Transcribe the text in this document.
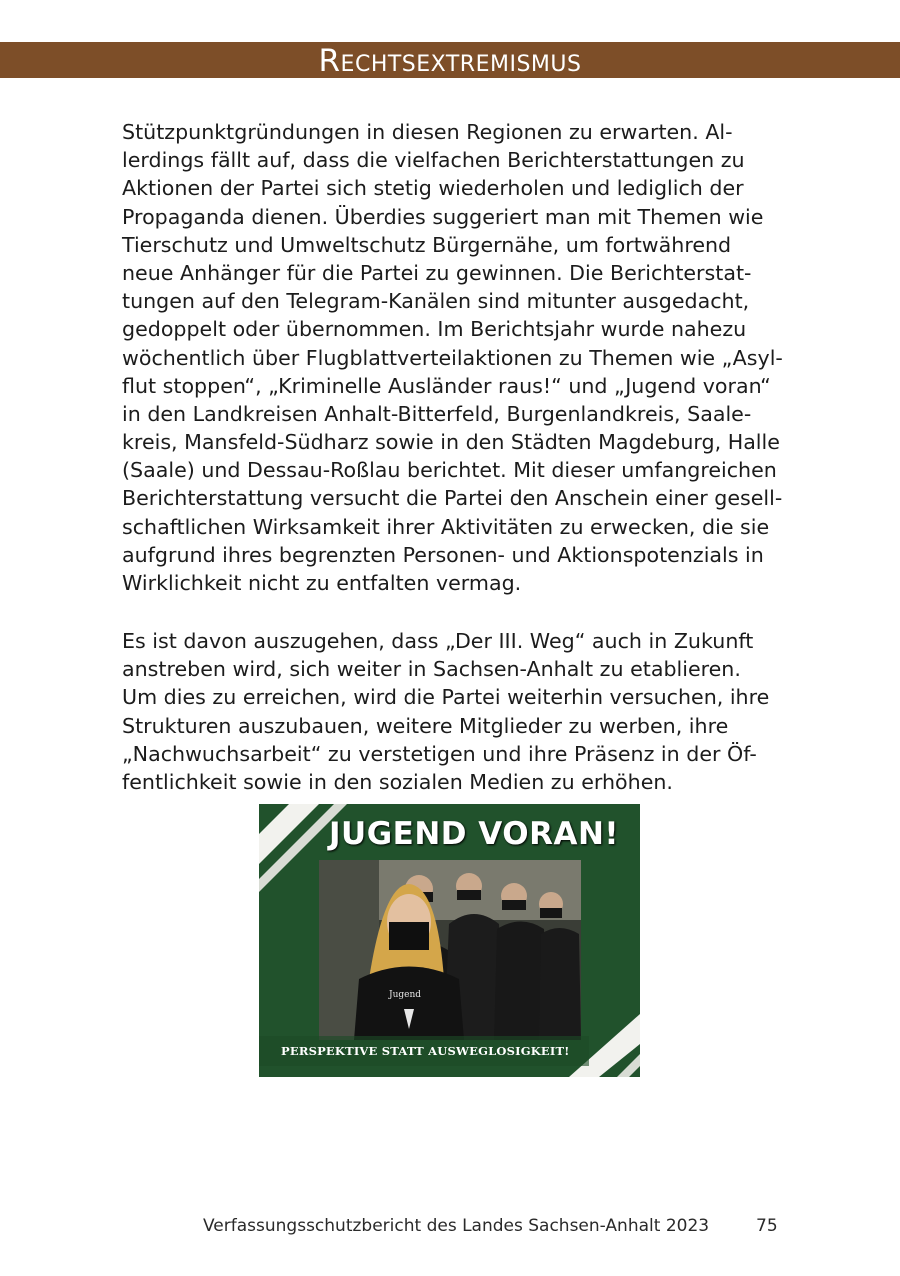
Rechtsextremismus
Stützpunktgründungen in diesen Regionen zu erwarten. Al-
lerdings fällt auf, dass die vielfachen Berichterstattungen zu
Aktionen der Partei sich stetig wiederholen und lediglich der
Propaganda dienen. Überdies suggeriert man mit Themen wie
Tierschutz und Umweltschutz Bürgernähe, um fortwährend
neue Anhänger für die Partei zu gewinnen. Die Berichterstat-
tungen auf den Telegram-Kanälen sind mitunter ausgedacht,
gedoppelt oder übernommen. Im Berichtsjahr wurde nahezu
wöchentlich über Flugblattverteilaktionen zu Themen wie „Asyl-
flut stoppen“, „Kriminelle Ausländer raus!“ und „Jugend voran“
in den Landkreisen Anhalt-Bitterfeld, Burgenlandkreis, Saale-
kreis, Mansfeld-Südharz sowie in den Städten Magdeburg, Halle
(Saale) und Dessau-Roßlau berichtet. Mit dieser umfangreichen
Berichterstattung versucht die Partei den Anschein einer gesell-
schaftlichen Wirksamkeit ihrer Aktivitäten zu erwecken, die sie
aufgrund ihres begrenzten Personen- und Aktionspotenzials in
Wirklichkeit nicht zu entfalten vermag.
Es ist davon auszugehen, dass „Der III. Weg“ auch in Zukunft
anstreben wird, sich weiter in Sachsen-Anhalt zu etablieren.
Um dies zu erreichen, wird die Partei weiterhin versuchen, ihre
Strukturen auszubauen, weitere Mitglieder zu werben, ihre
„Nachwuchsarbeit“ zu verstetigen und ihre Präsenz in der Öf-
fentlichkeit sowie in den sozialen Medien zu erhöhen.
JUGEND VORAN!
Jugend
PERSPEKTIVE STATT AUSWEGLOSIGKEIT!
Verfassungsschutzbericht des Landes Sachsen-Anhalt 2023	75
